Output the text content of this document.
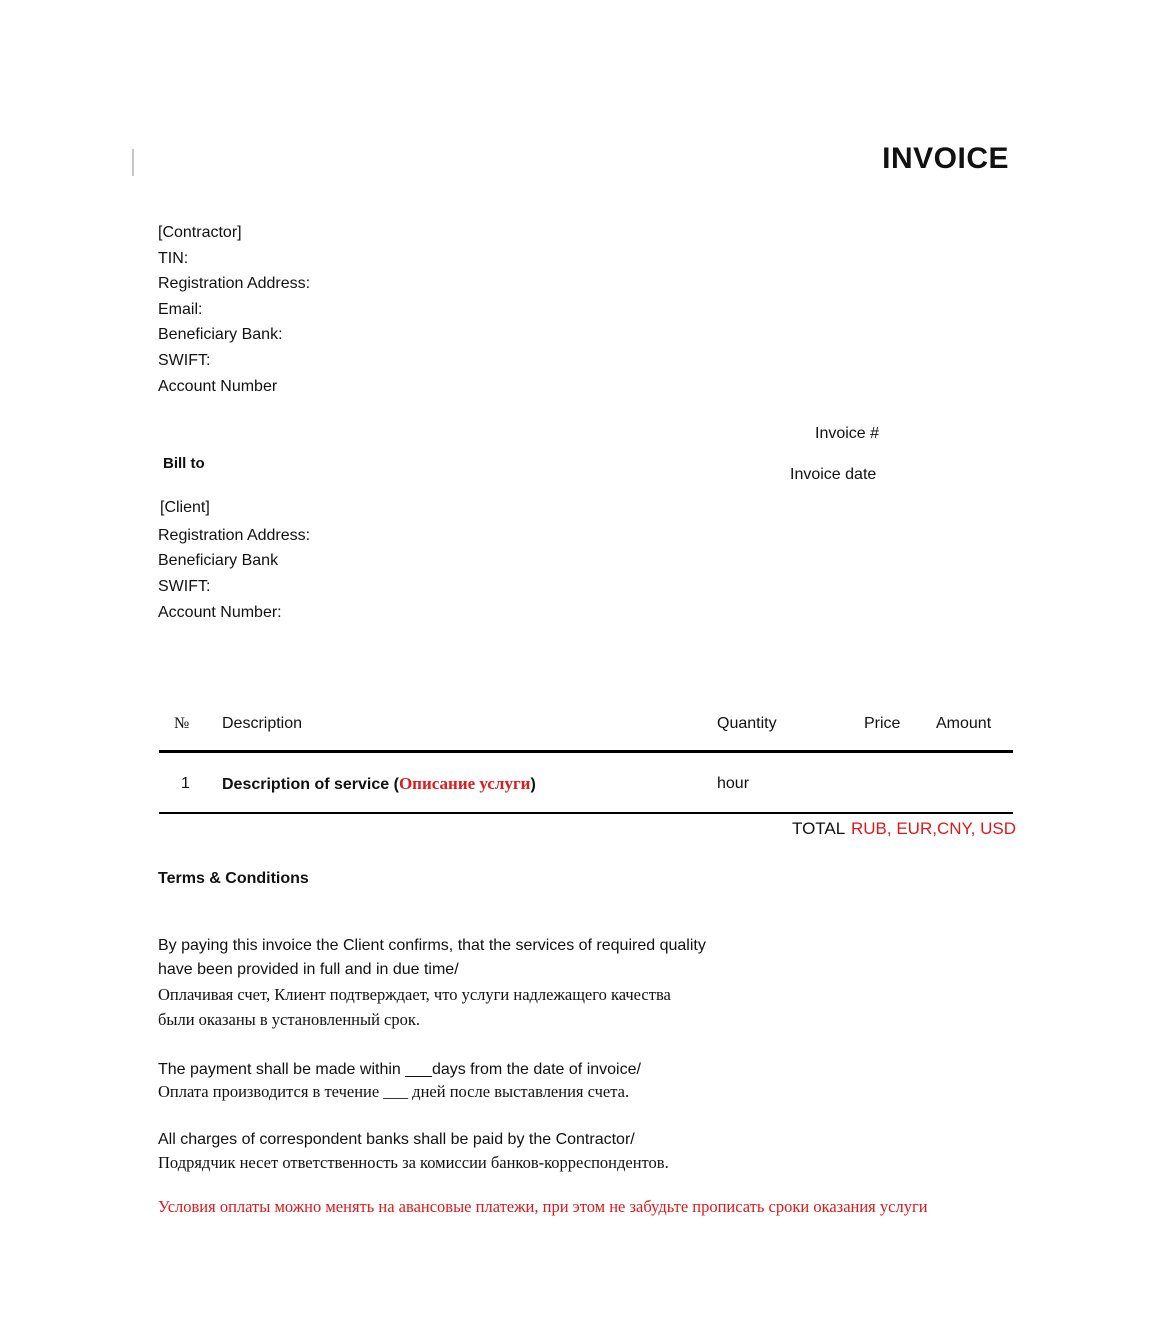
INVOICE
[Contractor]
TIN:
Registration Address:
Email:
Beneficiary Bank:
SWIFT:
Account Number
Invoice #
Invoice date
Bill to
[Client]
Registration Address:
Beneficiary Bank
SWIFT:
Account Number:
№ Description	Quantity	Price Amount
1 Description of service (Описание услуги)	hour
TOTAL RUB, EUR,CNY, USD
Terms & Conditions
By paying this invoice the Client confirms, that the services of required quality
have been provided in full and in due time/
Оплачивая счет, Клиент подтверждает, что услуги надлежащего качества
были оказаны в установленный срок.
The payment shall be made within ___days from the date of invoice/
Оплата производится в течение ___ дней после выставления счета.
All charges of correspondent banks shall be paid by the Contractor/
Подрядчик несет ответственность за комиссии банков-корреспондентов.
Условия оплаты можно менять на авансовые платежи, при этом не забудьте прописать сроки оказания услуги
